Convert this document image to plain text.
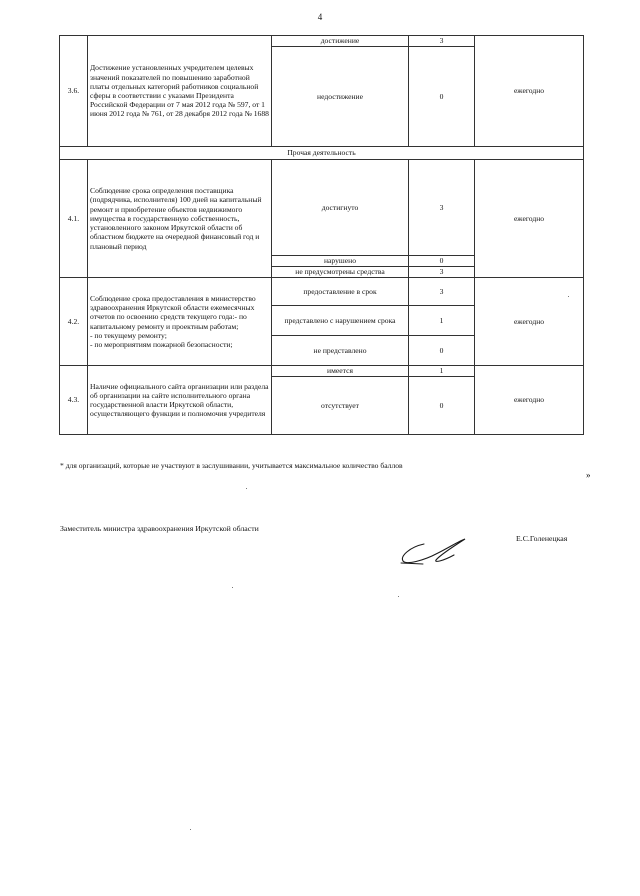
4
3.6.	Достижение установленных учредителем целевых значений показателей по повышению заработной платы отдельных категорий работников социальной сферы в соответствии с указами Президента Российской Федерации от 7 мая 2012 года № 597, от 1 июня 2012 года № 761, от 28 декабря 2012 года № 1688	достижение	3	ежегодно
		недостижение	0	
Прочая деятельность				
4.1.	Соблюдение срока определения поставщика (подрядчика, исполнителя) 100 дней на капитальный ремонт и приобретение объектов недвижимого имущества в государственную собственность, установленного законом Иркутской области об областном бюджете на очередной финансовый год и плановый период	достигнуто	3	ежегодно
		нарушено	0	
		не предусмотрены средства	3	
4.2.	Соблюдение срока предоставления в министерство здравоохранения Иркутской области ежемесячных отчетов по освоению средств текущего года:- по капитальному ремонту и проектным работам;
- по текущему ремонту;
- по мероприятиям пожарной безопасности;	предоставление в срок	3	ежегодно
		представлено с нарушением срока	1	
		не представлено	0	
4.3.	Наличие официального сайта организации или раздела об организации на сайте исполнительного органа государственной власти Иркутской области, осуществляющего функции и полномочия учредителя	имеется	1	ежегодно
		отсутствует	0	
* для организаций, которые не участвуют в заслушивании, учитывается максимальное количество баллов
»
Заместитель министра здравоохранения Иркутской области
Е.С.Голенецкая
